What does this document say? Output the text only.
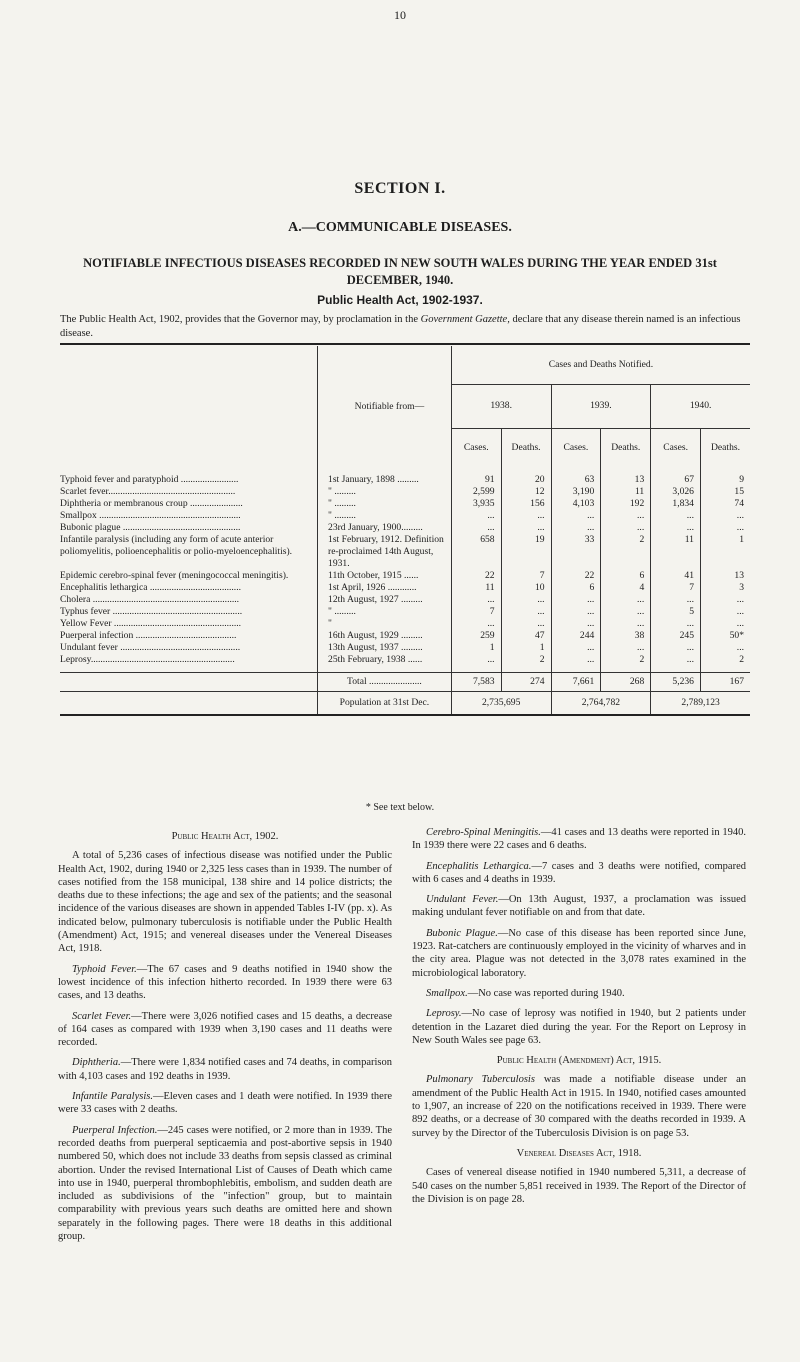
10
SECTION I.
A.—COMMUNICABLE DISEASES.
NOTIFIABLE INFECTIOUS DISEASES RECORDED IN NEW SOUTH WALES DURING THE YEAR ENDED 31st DECEMBER, 1940.
Public Health Act, 1902-1937.
The Public Health Act, 1902, provides that the Governor may, by proclamation in the Government Gazette, declare that any disease therein named is an infectious disease.
	Notifiable from—	Cases and Deaths Notified.					
		1938.		1939.		1940.	
		Cases.	Deaths.	Cases.	Deaths.	Cases.	Deaths.
Typhoid fever and paratyphoid ........................	1st January, 1898 .........	91	20	63	13	67	9
Scarlet fever.....................................................	" .........	2,599	12	3,190	11	3,026	15
Diphtheria or membranous croup ......................	" .........	3,935	156	4,103	192	1,834	74
Smallpox ...........................................................	" .........	...	...	...	...	...	...
Bubonic plague .................................................	23rd January, 1900.........	...	...	...	...	...	...
Infantile paralysis (including any form of acute anterior poliomyelitis, polioencephalitis or polio-myeloencephalitis).	1st February, 1912. Definition re-proclaimed 14th August, 1931.	658	19	33	2	11	1
Epidemic cerebro-spinal fever (meningococcal meningitis).	11th October, 1915 ......	22	7	22	6	41	13
Encephalitis lethargica ......................................	1st April, 1926 ............	11	10	6	4	7	3
Cholera .............................................................	12th August, 1927 .........	...	...	...	...	...	...
Typhus fever ......................................................	" .........	7	...	...	...	5	...
Yellow Fever .....................................................	"	...	...	...	...	...	...
Puerperal infection ..........................................	16th August, 1929 .........	259	47	244	38	245	50*
Undulant fever ..................................................	13th August, 1937 .........	1	1	...	...	...	...
Leprosy............................................................	25th February, 1938 ......	...	2	...	2	...	2

	Total ......................	7,583	274	7,661	268	5,236	167
	Population at 31st Dec.	2,735,695		2,764,782		2,789,123	
* See text below.

Public Health Act, 1902.

A total of 5,236 cases of infectious disease was notified under the Public Health Act, 1902, during 1940 or 2,325 less cases than in 1939. The number of cases notified from the 158 municipal, 138 shire and 14 police districts; the deaths due to these infections; the age and sex of the patients; and the seasonal incidence of the various diseases are shown in appended Tables I-IV (pp. x). As indicated below, pulmonary tuberculosis is notifiable under the Public Health (Amendment) Act, 1915; and venereal diseases under the Venereal Diseases Act, 1918.

Typhoid Fever.—The 67 cases and 9 deaths notified in 1940 show the lowest incidence of this infection hitherto recorded. In 1939 there were 63 cases, and 13 deaths.

Scarlet Fever.—There were 3,026 notified cases and 15 deaths, a decrease of 164 cases as compared with 1939 when 3,190 cases and 11 deaths were recorded.

Diphtheria.—There were 1,834 notified cases and 74 deaths, in comparison with 4,103 cases and 192 deaths in 1939.

Infantile Paralysis.—Eleven cases and 1 death were notified. In 1939 there were 33 cases with 2 deaths.

Puerperal Infection.—245 cases were notified, or 2 more than in 1939. The recorded deaths from puerperal septicaemia and post-abortive sepsis in 1940 numbered 50, which does not include 33 deaths from sepsis classed as criminal abortion. Under the revised International List of Causes of Death which came into use in 1940, puerperal thrombophlebitis, embolism, and sudden death are included as subdivisions of the "infection" group, but to maintain comparability with previous years such deaths are omitted here and shown separately in the following pages. There were 18 deaths in this additional group.

Cerebro-Spinal Meningitis.—41 cases and 13 deaths were reported in 1940. In 1939 there were 22 cases and 6 deaths.

Encephalitis Lethargica.—7 cases and 3 deaths were notified, compared with 6 cases and 4 deaths in 1939.

Undulant Fever.—On 13th August, 1937, a proclamation was issued making undulant fever notifiable on and from that date.

Bubonic Plague.—No case of this disease has been reported since June, 1923. Rat-catchers are continuously employed in the vicinity of wharves and in the city area. Plague was not detected in the 3,078 rates examined in the microbiological laboratory.

Smallpox.—No case was reported during 1940.

Leprosy.—No case of leprosy was notified in 1940, but 2 patients under detention in the Lazaret died during the year. For the Report on Leprosy in New South Wales see page 63.

Public Health (Amendment) Act, 1915.

Pulmonary Tuberculosis was made a notifiable disease under an amendment of the Public Health Act in 1915. In 1940, notified cases amounted to 1,907, an increase of 220 on the notifications received in 1939. There were 892 deaths, or a decrease of 30 compared with the deaths recorded in 1939. A survey by the Director of the Tuberculosis Division is on page 53.

Venereal Diseases Act, 1918.

Cases of venereal disease notified in 1940 numbered 5,311, a decrease of 540 cases on the number 5,851 received in 1939. The Report of the Director of the Division is on page 28.
